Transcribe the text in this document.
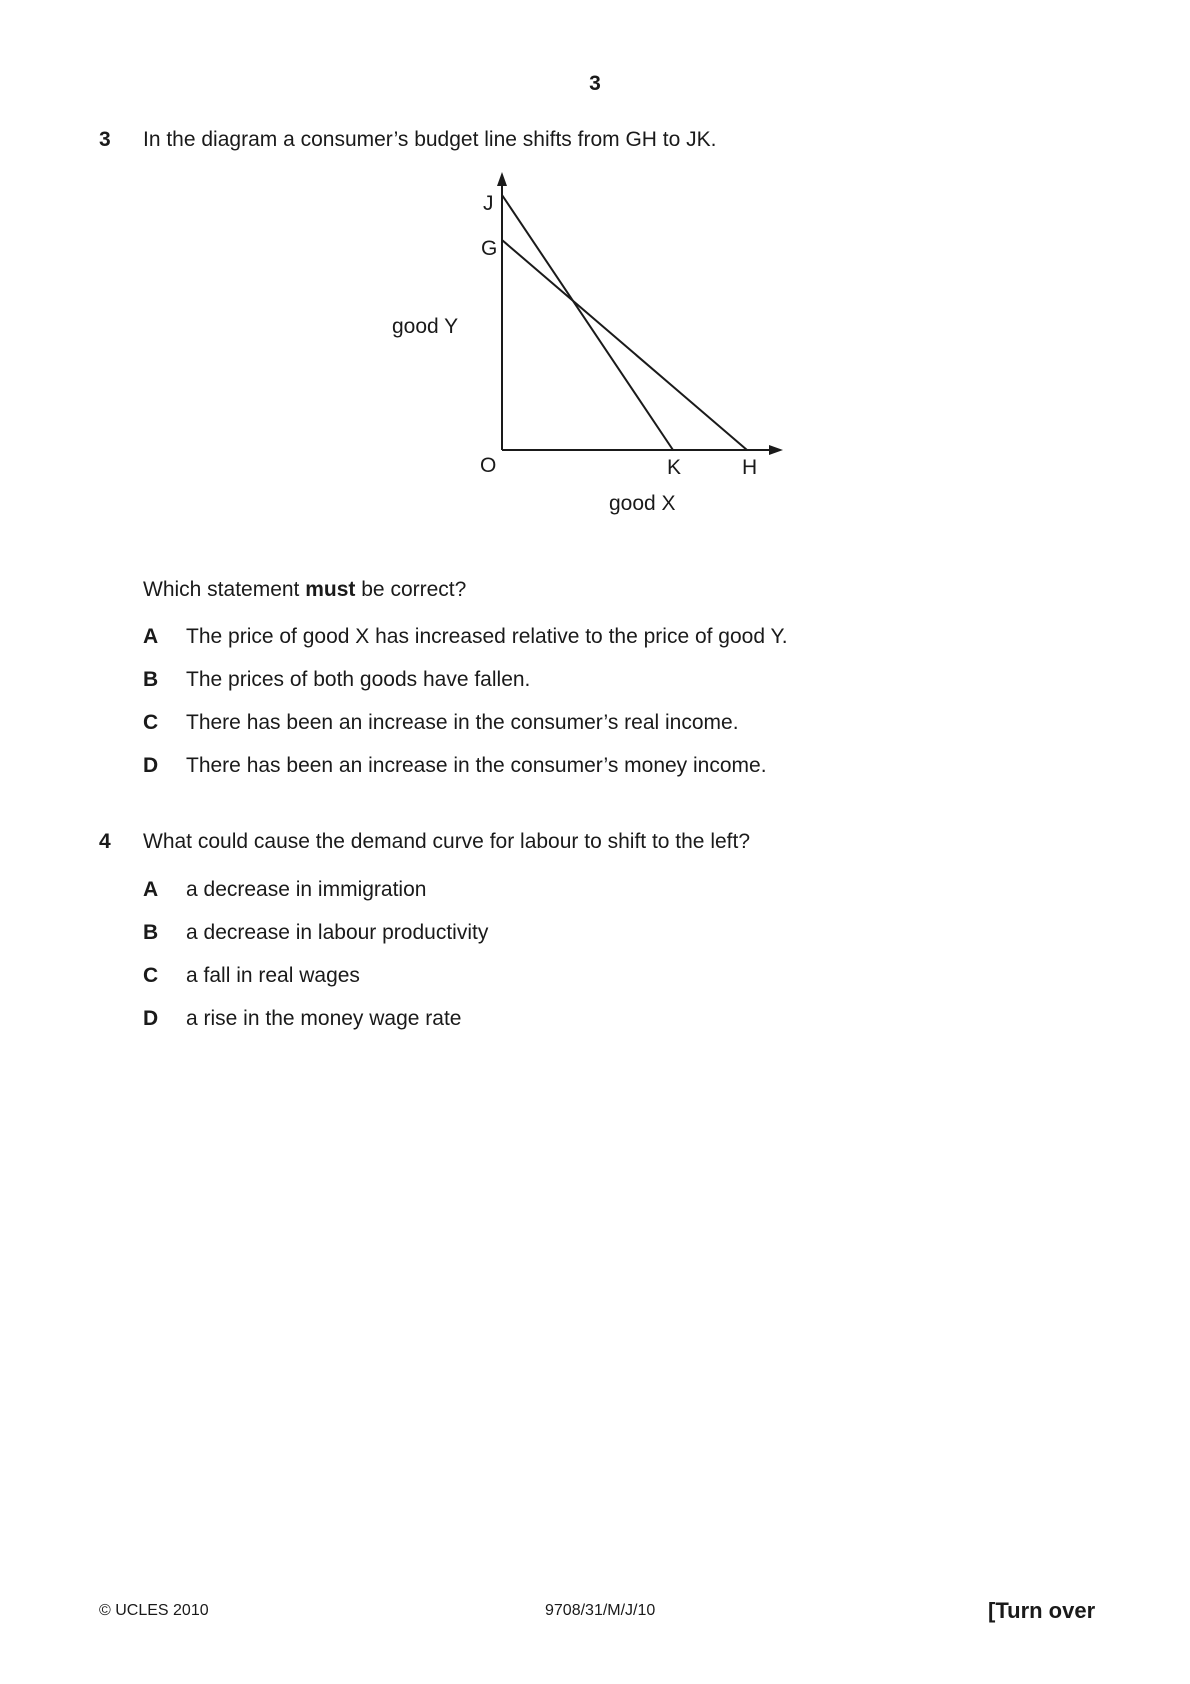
3
3 In the diagram a consumer’s budget line shifts from GH to JK.
J
G
good Y
O	K	H
good X
Which statement must be correct?
A The price of good X has increased relative to the price of good Y.
B The prices of both goods have fallen.
C There has been an increase in the consumer’s real income.
D There has been an increase in the consumer’s money income.
4 What could cause the demand curve for labour to shift to the left?
A a decrease in immigration
B a decrease in labour productivity
C a fall in real wages
D a rise in the money wage rate
© UCLES 2010	9708/31/M/J/10	[Turn over
